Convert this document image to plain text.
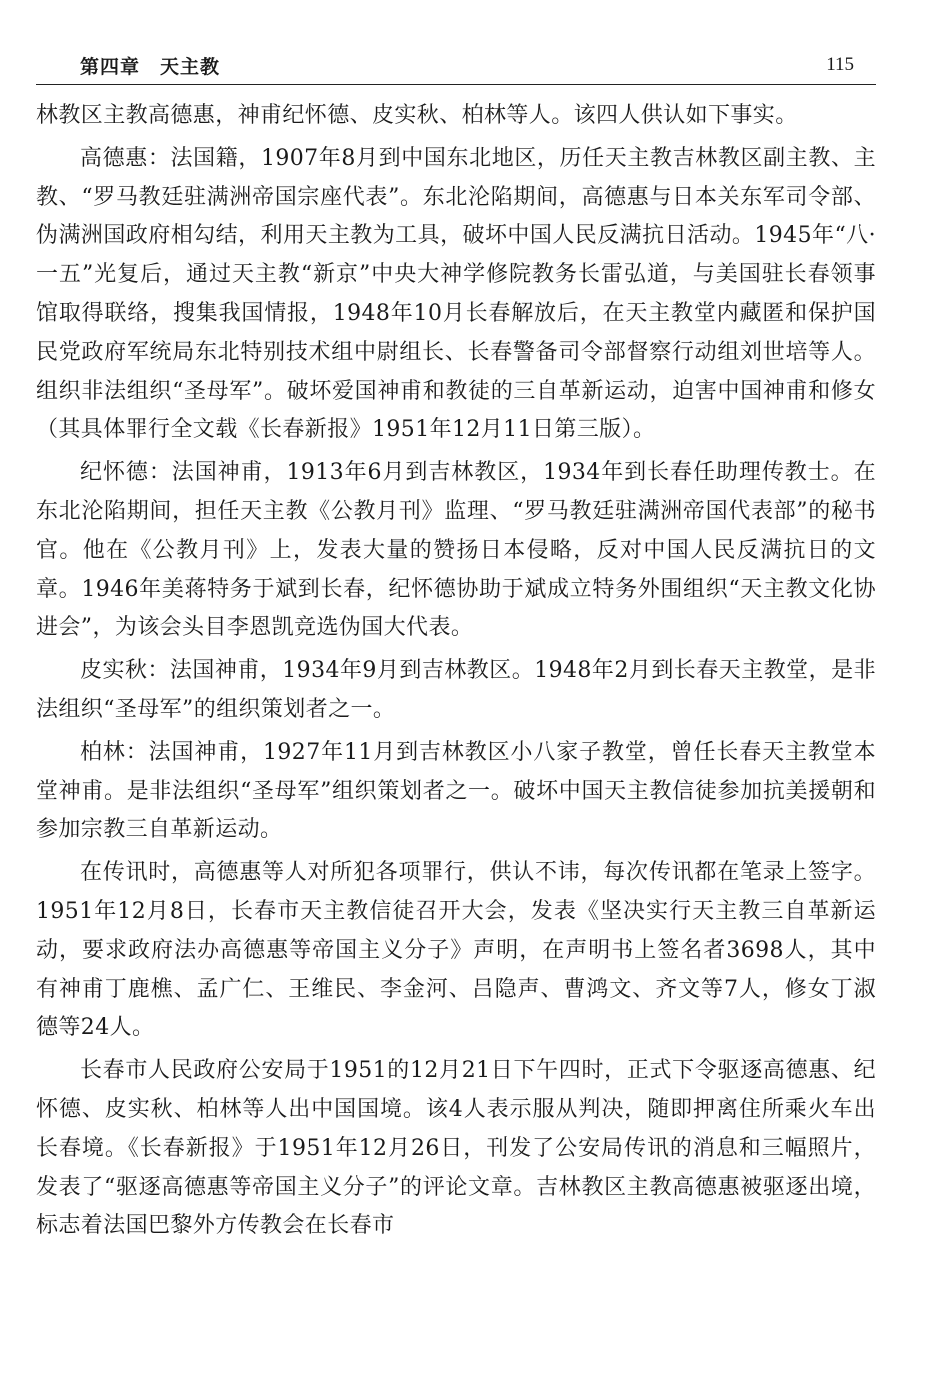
第四章　天主教	115

林教区主教高德惠，神甫纪怀德、皮实秋、柏林等人。该四人供认如下事实。

高德惠：法国籍，1907年8月到中国东北地区，历任天主教吉林教区副主教、主教、“罗马教廷驻满洲帝国宗座代表”。东北沦陷期间，高德惠与日本关东军司令部、伪满洲国政府相勾结，利用天主教为工具，破坏中国人民反满抗日活动。1945年“八·一五”光复后，通过天主教“新京”中央大神学修院教务长雷弘道，与美国驻长春领事馆取得联络，搜集我国情报，1948年10月长春解放后，在天主教堂内藏匿和保护国民党政府军统局东北特别技术组中尉组长、长春警备司令部督察行动组刘世培等人。组织非法组织“圣母军”。破坏爱国神甫和教徒的三自革新运动，迫害中国神甫和修女（其具体罪行全文载《长春新报》1951年12月11日第三版）。

纪怀德：法国神甫，1913年6月到吉林教区，1934年到长春任助理传教士。在东北沦陷期间，担任天主教《公教月刊》监理、“罗马教廷驻满洲帝国代表部”的秘书官。他在《公教月刊》上，发表大量的赞扬日本侵略，反对中国人民反满抗日的文章。1946年美蒋特务于斌到长春，纪怀德协助于斌成立特务外围组织“天主教文化协进会”，为该会头目李恩凯竞选伪国大代表。

皮实秋：法国神甫，1934年9月到吉林教区。1948年2月到长春天主教堂，是非法组织“圣母军”的组织策划者之一。

柏林：法国神甫，1927年11月到吉林教区小八家子教堂，曾任长春天主教堂本堂神甫。是非法组织“圣母军”组织策划者之一。破坏中国天主教信徒参加抗美援朝和参加宗教三自革新运动。

在传讯时，高德惠等人对所犯各项罪行，供认不讳，每次传讯都在笔录上签字。1951年12月8日，长春市天主教信徒召开大会，发表《坚决实行天主教三自革新运动，要求政府法办高德惠等帝国主义分子》声明，在声明书上签名者3698人，其中有神甫丁鹿樵、孟广仁、王维民、李金河、吕隐声、曹鸿文、齐文等7人，修女丁淑德等24人。

长春市人民政府公安局于1951的12月21日下午四时，正式下令驱逐高德惠、纪怀德、皮实秋、柏林等人出中国国境。该4人表示服从判决，随即押离住所乘火车出长春境。《长春新报》于1951年12月26日，刊发了公安局传讯的消息和三幅照片，发表了“驱逐高德惠等帝国主义分子”的评论文章。吉林教区主教高德惠被驱逐出境，标志着法国巴黎外方传教会在长春市
